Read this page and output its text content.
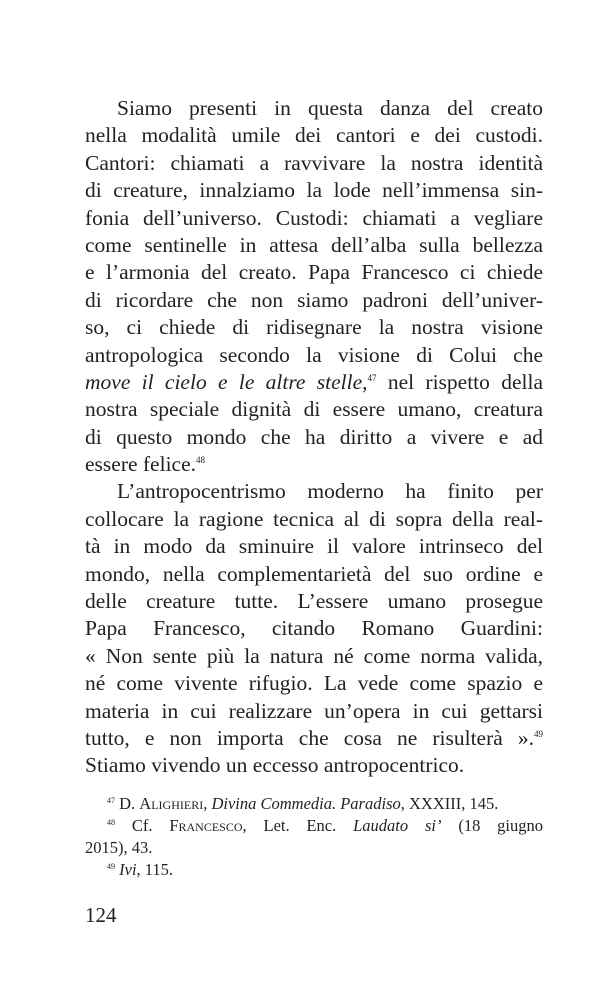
Siamo presenti in questa danza del creato
nella modalità umile dei cantori e dei custodi.
Cantori: chiamati a ravvivare la nostra identità
di creature, innalziamo la lode nell’immensa sin-
fonia dell’universo. Custodi: chiamati a vegliare
come sentinelle in attesa dell’alba sulla bellezza
e l’armonia del creato. Papa Francesco ci chiede
di ricordare che non siamo padroni dell’univer-
so, ci chiede di ridisegnare la nostra visione
antropologica secondo la visione di Colui che
move il cielo e le altre stelle,$^{47}$ nel rispetto della
nostra speciale dignità di essere umano, creatura
di questo mondo che ha diritto a vivere e ad
essere felice.$^{48}$
L’antropocentrismo moderno ha finito per
collocare la ragione tecnica al di sopra della real-
tà in modo da sminuire il valore intrinseco del
mondo, nella complementarietà del suo ordine e
delle creature tutte. L’essere umano prosegue
Papa Francesco, citando Romano Guardini:
« Non sente più la natura né come norma valida,
né come vivente rifugio. La vede come spazio e
materia in cui realizzare un’opera in cui gettarsi
tutto, e non importa che cosa ne risulterà ».$^{49}$
Stiamo vivendo un eccesso antropocentrico.
$^{47}$ D. Alighieri, Divina Commedia. Paradiso, XXXIII, 145.
$^{48}$ Cf. Francesco, Let. Enc. Laudato si’ (18 giugno
2015), 43.
$^{49}$ Ivi, 115.
124
